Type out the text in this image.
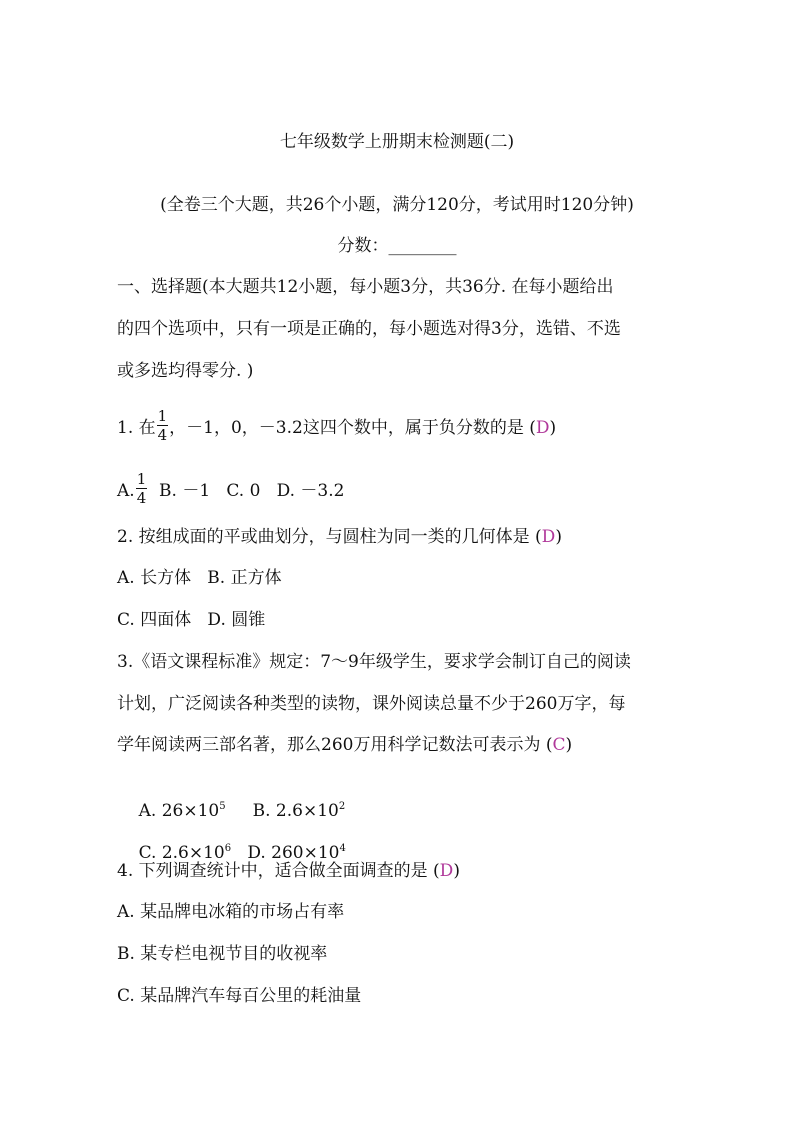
七年级数学上册期末检测题(二)
(全卷三个大题，共26个小题，满分120分，考试用时120分钟)
分数：________
一、选择题(本大题共12小题，每小题3分，共36分. 在每小题给出
的四个选项中，只有一项是正确的，每小题选对得3分，选错、不选
或多选均得零分. )
1. 在 $\frac{1}{4}$ ，－1，0，－3.2这四个数中，属于负分数的是 (D)
A. $\frac{1}{4} B$. －1   C. 0   D. －3.2
2. 按组成面的平或曲划分，与圆柱为同一类的几何体是 (D)
A. 长方体   B. 正方体
C. 四面体   D. 圆锥
3.《语文课程标准》规定：7～9年级学生，要求学会制订自己的阅读
计划，广泛阅读各种类型的读物，课外阅读总量不少于260万字，每
学年阅读两三部名著，那么260万用科学记数法可表示为 (C)

A. $26\times 10^5$     B. $2.6\times 10^2$

C. $2.6\times 10^6$   D. $260\times 10^4$

4. 下列调查统计中，适合做全面调查的是 (D)
A. 某品牌电冰箱的市场占有率
B. 某专栏电视节目的收视率
C. 某品牌汽车每百公里的耗油量
